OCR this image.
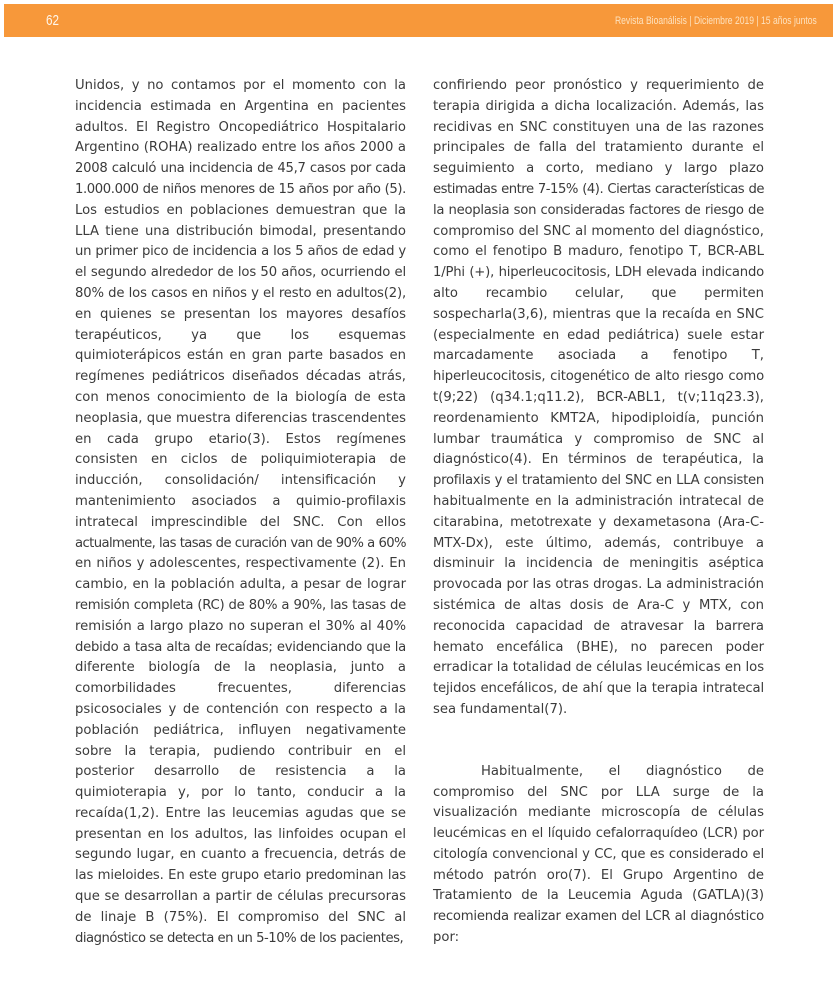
62	Revista Bioanálisis | Diciembre 2019 | 15 años juntos
Unidos, y no contamos por el momento con la
incidencia estimada en Argentina en pacientes
adultos. El Registro Oncopediátrico Hospitalario
Argentino (ROHA) realizado entre los años 2000 a
2008 calculó una incidencia de 45,7 casos por cada
1.000.000 de niños menores de 15 años por año (5).
Los estudios en poblaciones demuestran que la
LLA tiene una distribución bimodal, presentando
un primer pico de incidencia a los 5 años de edad y
el segundo alrededor de los 50 años, ocurriendo el
80% de los casos en niños y el resto en adultos(2),
en quienes se presentan los mayores desafíos
terapéuticos, ya que los esquemas
quimioterápicos están en gran parte basados en
regímenes pediátricos diseñados décadas atrás,
con menos conocimiento de la biología de esta
neoplasia, que muestra diferencias trascendentes
en cada grupo etario(3). Estos regímenes
consisten en ciclos de poliquimioterapia de
inducción, consolidación/ intensificación y
mantenimiento asociados a quimio-profilaxis
intratecal imprescindible del SNC. Con ellos
actualmente, las tasas de curación van de 90% a 60%
en niños y adolescentes, respectivamente (2). En
cambio, en la población adulta, a pesar de lograr
remisión completa (RC) de 80% a 90%, las tasas de
remisión a largo plazo no superan el 30% al 40%
debido a tasa alta de recaídas; evidenciando que la
diferente biología de la neoplasia, junto a
comorbilidades frecuentes, diferencias
psicosociales y de contención con respecto a la
población pediátrica, influyen negativamente
sobre la terapia, pudiendo contribuir en el
posterior desarrollo de resistencia a la
quimioterapia y, por lo tanto, conducir a la
recaída(1,2). Entre las leucemias agudas que se
presentan en los adultos, las linfoides ocupan el
segundo lugar, en cuanto a frecuencia, detrás de
las mieloides. En este grupo etario predominan las
que se desarrollan a partir de células precursoras
de linaje B (75%). El compromiso del SNC al
diagnóstico se detecta en un 5-10% de los pacientes,
confiriendo peor pronóstico y requerimiento de
terapia dirigida a dicha localización. Además, las
recidivas en SNC constituyen una de las razones
principales de falla del tratamiento durante el
seguimiento a corto, mediano y largo plazo
estimadas entre 7-15% (4). Ciertas características de
la neoplasia son consideradas factores de riesgo de
compromiso del SNC al momento del diagnóstico,
como el fenotipo B maduro, fenotipo T, BCR-ABL
1/Phi (+), hiperleucocitosis, LDH elevada indicando
alto recambio celular, que permiten
sospecharla(3,6), mientras que la recaída en SNC
(especialmente en edad pediátrica) suele estar
marcadamente asociada a fenotipo T,
hiperleucocitosis, citogenético de alto riesgo como
t(9;22) (q34.1;q11.2), BCR-ABL1, t(v;11q23.3),
reordenamiento KMT2A, hipodiploidía, punción
lumbar traumática y compromiso de SNC al
diagnóstico(4). En términos de terapéutica, la
profilaxis y el tratamiento del SNC en LLA consisten
habitualmente en la administración intratecal de
citarabina, metotrexate y dexametasona (Ara-C-
MTX-Dx), este último, además, contribuye a
disminuir la incidencia de meningitis aséptica
provocada por las otras drogas. La administración
sistémica de altas dosis de Ara-C y MTX, con
reconocida capacidad de atravesar la barrera
hemato encefálica (BHE), no parecen poder
erradicar la totalidad de células leucémicas en los
tejidos encefálicos, de ahí que la terapia intratecal
sea fundamental(7).
Habitualmente, el diagnóstico de
compromiso del SNC por LLA surge de la
visualización mediante microscopía de células
leucémicas en el líquido cefalorraquídeo (LCR) por
citología convencional y CC, que es considerado el
método patrón oro(7). El Grupo Argentino de
Tratamiento de la Leucemia Aguda (GATLA)(3)
recomienda realizar examen del LCR al diagnóstico
por:
